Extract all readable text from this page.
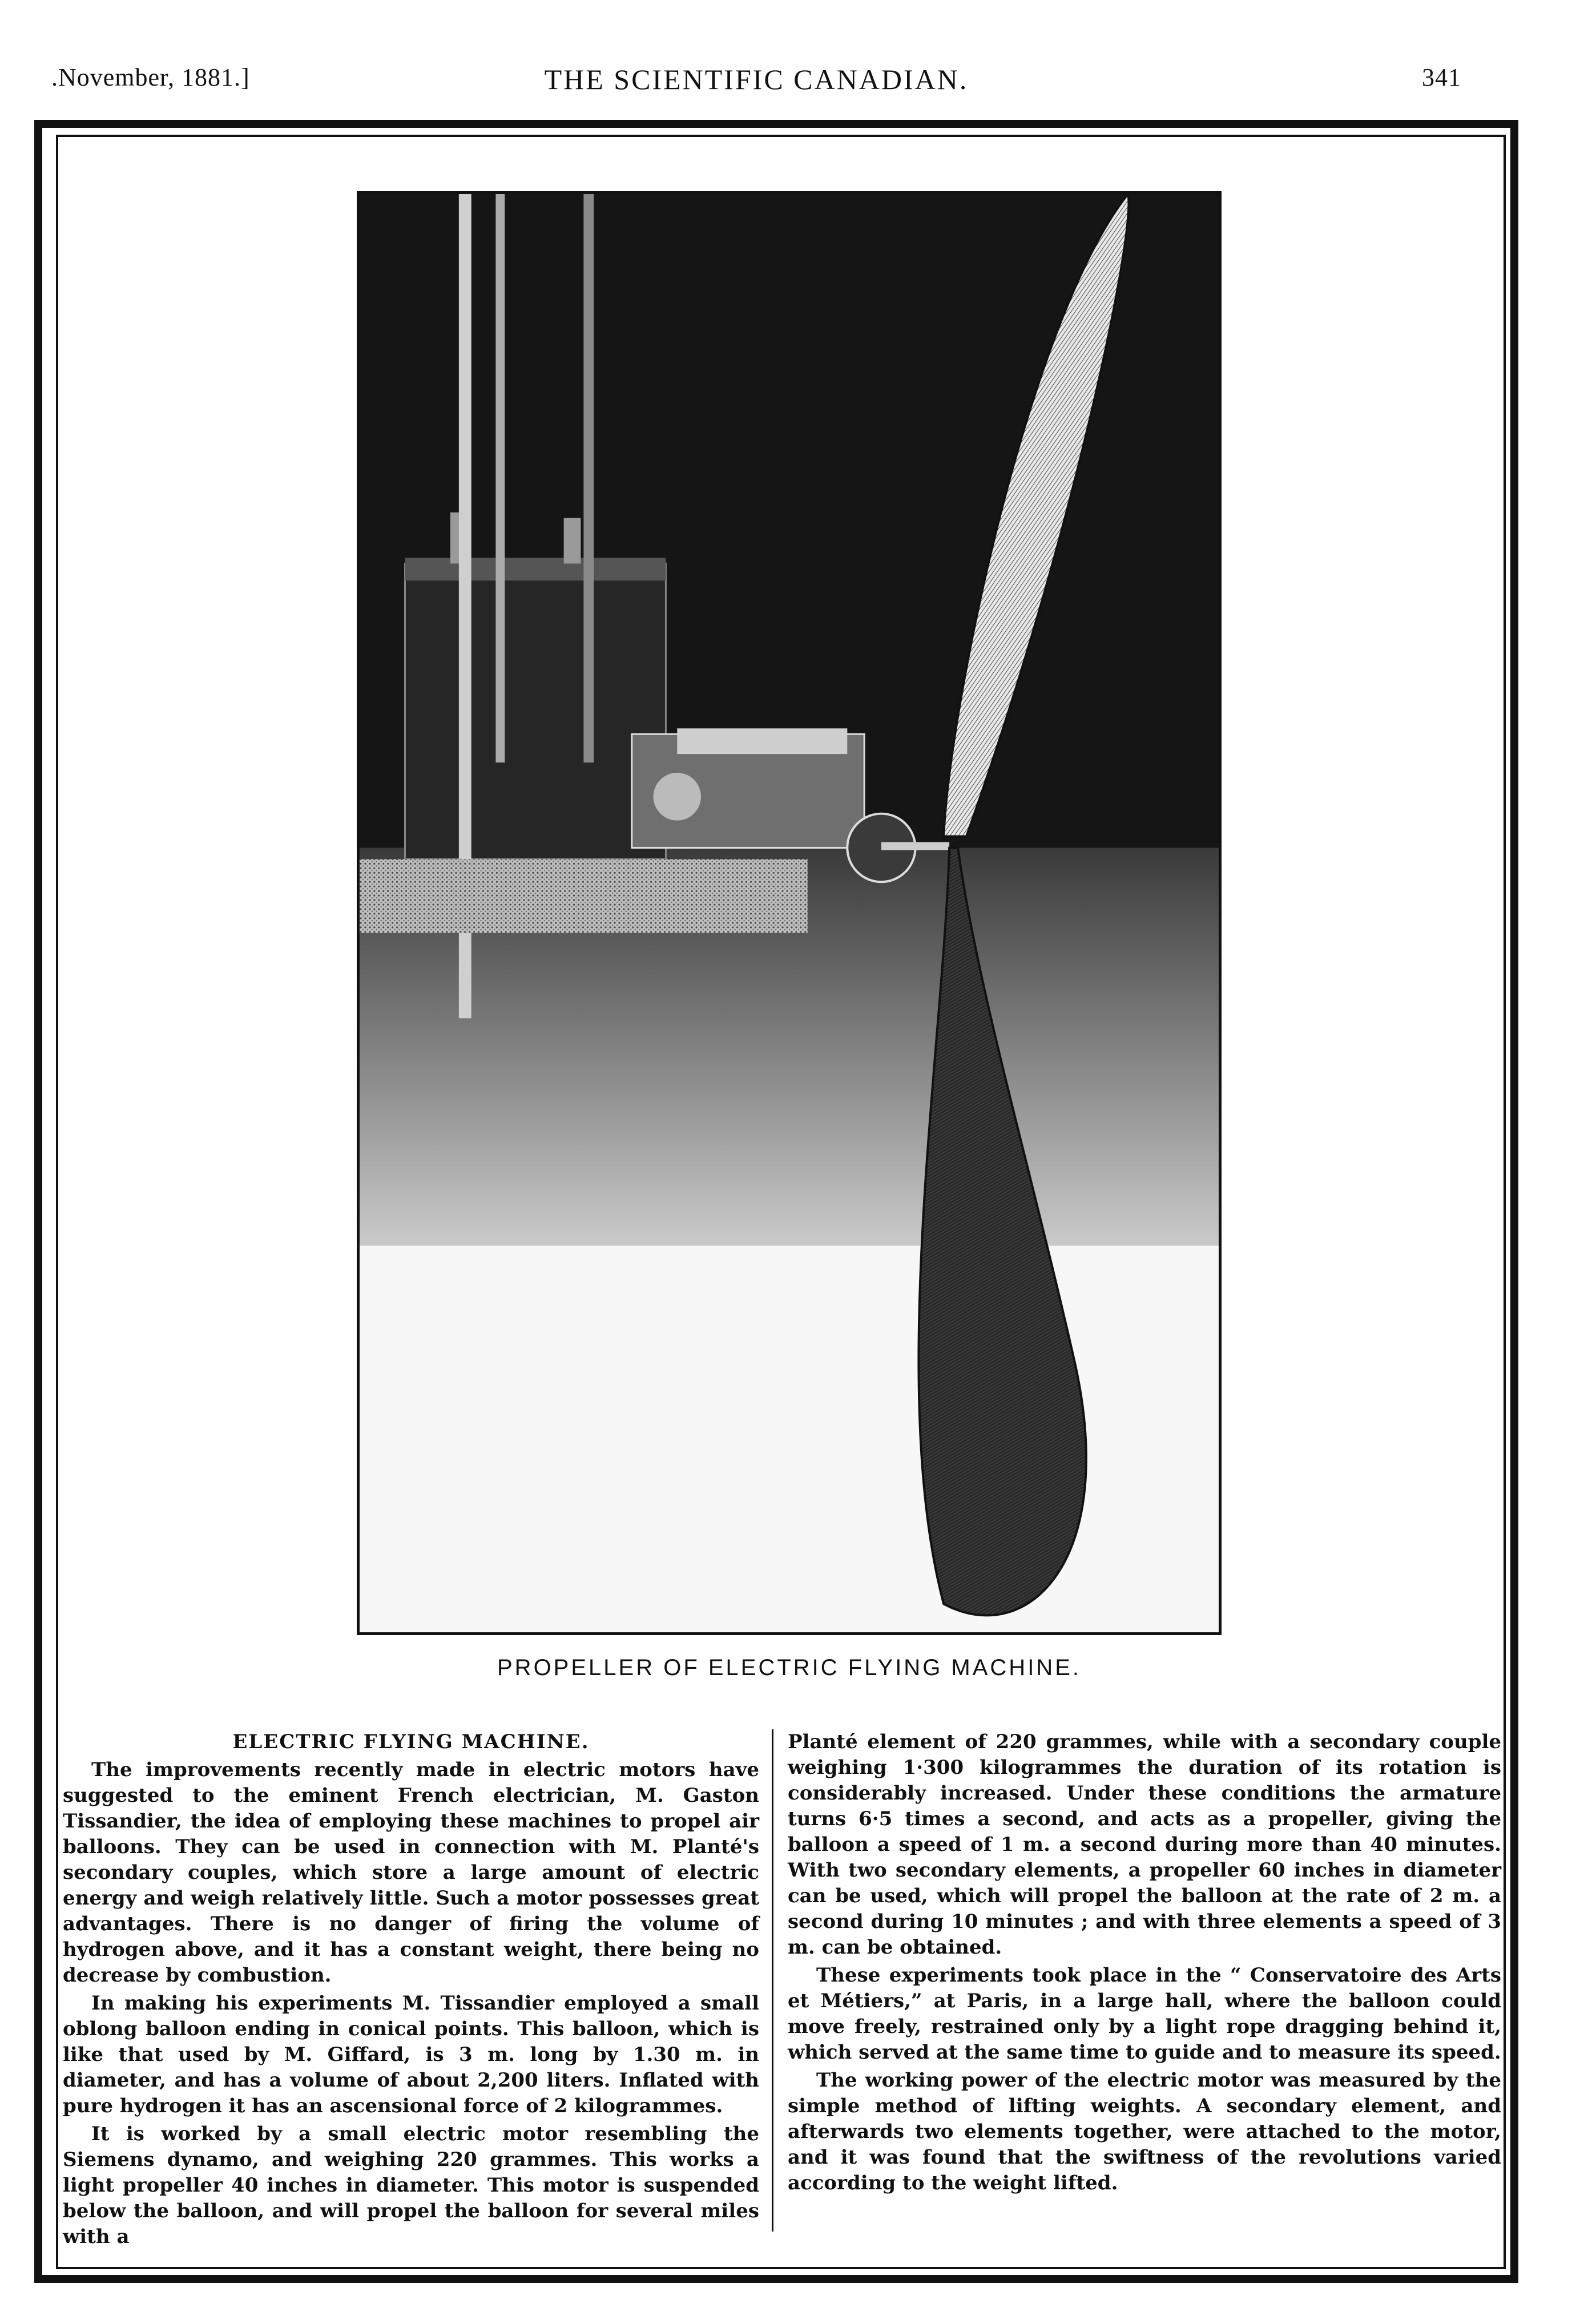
.November, 1881.]	THE SCIENTIFIC CANADIAN.	341
PROPELLER OF ELECTRIC FLYING MACHINE.
ELECTRIC FLYING MACHINE.

The improvements recently made in electric motors have suggested to the eminent French electrician, M. Gaston Tissandier, the idea of employing these machines to propel air balloons. They can be used in connection with M. Planté's secondary couples, which store a large amount of electric energy and weigh relatively little. Such a motor possesses great advantages. There is no danger of firing the volume of hydrogen above, and it has a constant weight, there being no decrease by combustion.

In making his experiments M. Tissandier employed a small oblong balloon ending in conical points. This balloon, which is like that used by M. Giffard, is 3 m. long by 1.30 m. in diameter, and has a volume of about 2,200 liters. Inflated with pure hydrogen it has an ascensional force of 2 kilogrammes.

It is worked by a small electric motor resembling the Siemens dynamo, and weighing 220 grammes. This works a light propeller 40 inches in diameter. This motor is suspended below the balloon, and will propel the balloon for several miles with a

Planté element of 220 grammes, while with a secondary couple weighing 1·300 kilogrammes the duration of its rotation is considerably increased. Under these conditions the armature turns 6·5 times a second, and acts as a propeller, giving the balloon a speed of 1 m. a second during more than 40 minutes. With two secondary elements, a propeller 60 inches in diameter can be used, which will propel the balloon at the rate of 2 m. a second during 10 minutes ; and with three elements a speed of 3 m. can be obtained.

These experiments took place in the “ Conservatoire des Arts et Métiers,” at Paris, in a large hall, where the balloon could move freely, restrained only by a light rope dragging behind it, which served at the same time to guide and to measure its speed.

The working power of the electric motor was measured by the simple method of lifting weights. A secondary element, and afterwards two elements together, were attached to the motor, and it was found that the swiftness of the revolutions varied according to the weight lifted.
